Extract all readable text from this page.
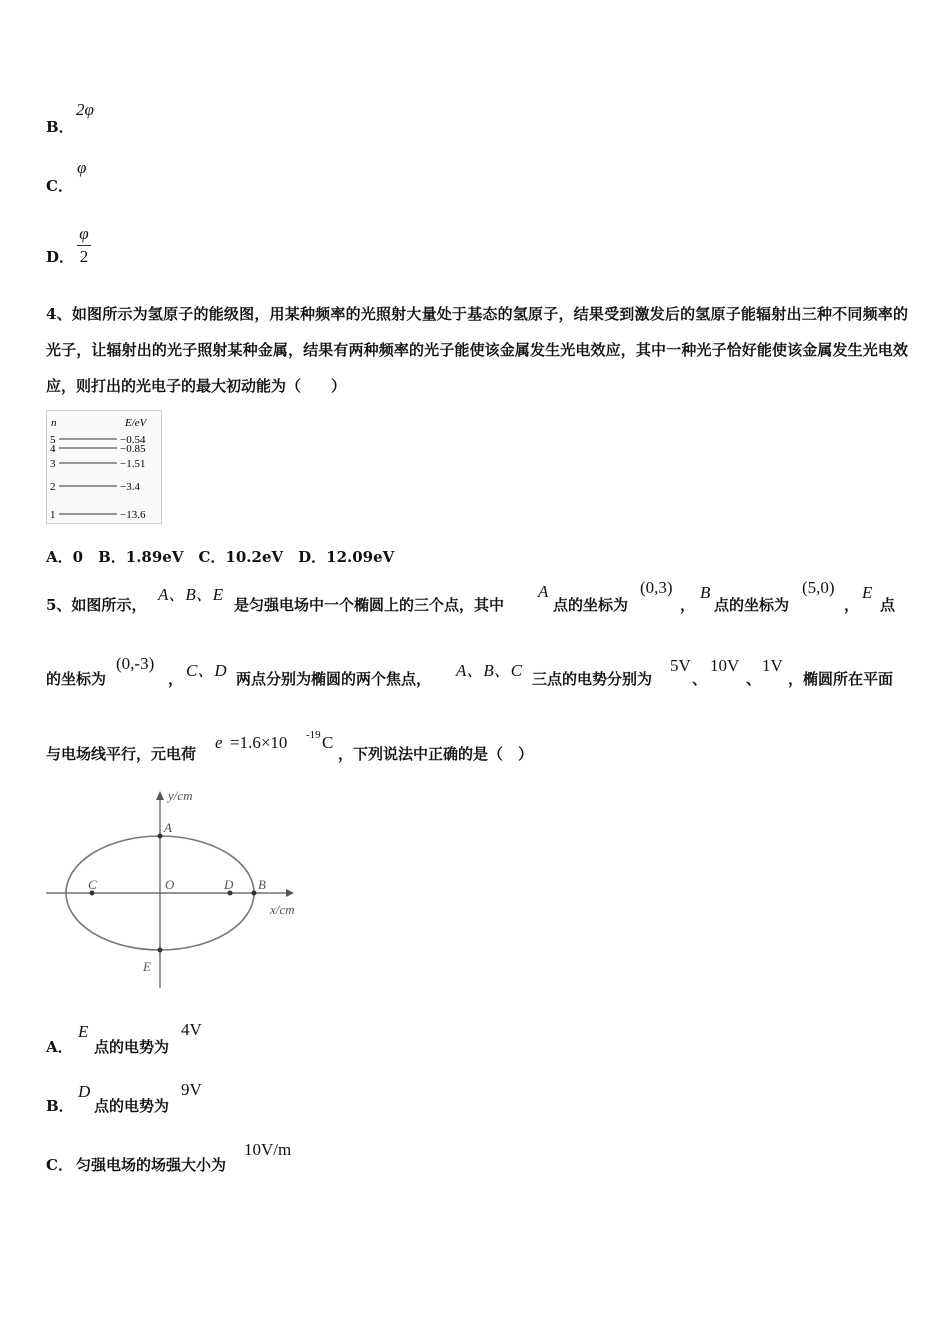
B．
2φ
C．
φ
D．
φ
2
4、如图所示为氢原子的能级图，用某种频率的光照射大量处于基态的氢原子，结果受到激发后的氢原子能辐射出三种不同频率的光子，让辐射出的光子照射某种金属，结果有两种频率的光子能使该金属发生光电效应，其中一种光子恰好能使该金属发生光电效应，则打出的光电子的最大初动能为（　　）
n	E/eV
5	−0.54
4	−0.85
3	−1.51
2	−3.4
1	−13.6
A．0　B．1.89eV　C．10.2eV　D．12.09eV
5、如图所示，
A、B、E
是匀强电场中一个椭圆上的三个点，其中
A
点的坐标为
(0,3)
，
B
点的坐标为
(5,0)
，
E
点
的坐标为
(0,-3)
， C、D 两点分别为椭圆的两个焦点， A、B、C 三点的电势分别为
5V
、
10V
、
1V
，椭圆所在平面
与电场线平行，元电荷
e =1.6×10 -19 C
，下列说法中正确的是（　）
y/cm
x/cm
A
B
C	D
O
E
A．
E
点的电势为
4V
B．
D
点的电势为
9V
C． 匀强电场的场强大小为
10V/m
